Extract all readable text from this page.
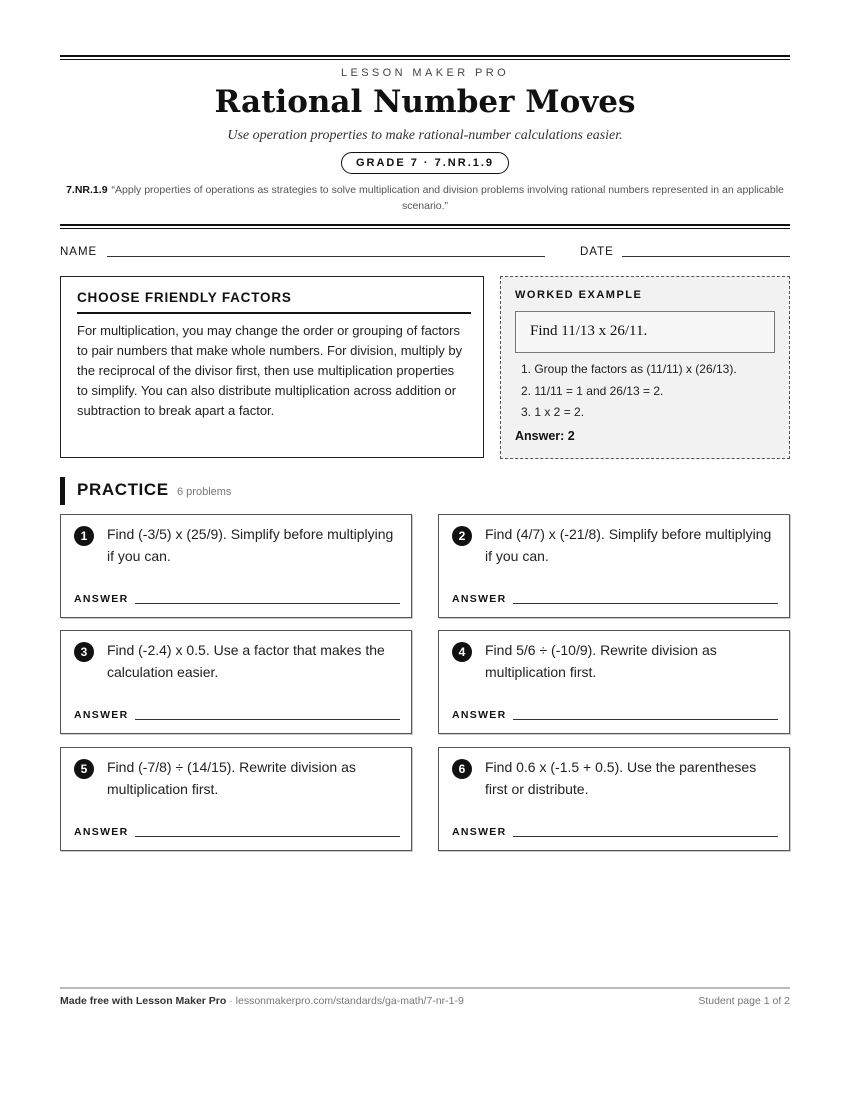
LESSON MAKER PRO
Rational Number Moves
Use operation properties to make rational-number calculations easier.
GRADE 7 · 7.NR.1.9
7.NR.1.9 “Apply properties of operations as strategies to solve multiplication and division problems involving rational numbers represented in an applicable scenario.”
NAME	DATE
CHOOSE FRIENDLY FACTORS

For multiplication, you may change the order or grouping of factors to pair numbers that make whole numbers. For division, multiply by the reciprocal of the divisor first, then use multiplication properties to simplify. You can also distribute multiplication across addition or subtraction to break apart a factor.

WORKED EXAMPLE
Find 11/13 x 26/11.
1. Group the factors as (11/11) x (26/13).
2. 11/11 = 1 and 26/13 = 2.
3. 1 x 2 = 2.
Answer: 2
PRACTICE 6 problems
1	Find (-3/5) x (25/9). Simplify before multiplying if you can.
ANSWER
2	Find (4/7) x (-21/8). Simplify before multiplying if you can.
ANSWER
3	Find (-2.4) x 0.5. Use a factor that makes the calculation easier.
ANSWER
4	Find 5/6 ÷ (-10/9). Rewrite division as multiplication first.
ANSWER
5	Find (-7/8) ÷ (14/15). Rewrite division as multiplication first.
ANSWER
6	Find 0.6 x (-1.5 + 0.5). Use the parentheses first or distribute.
ANSWER
Made free with Lesson Maker Pro · lessonmakerpro.com/standards/ga-math/7-nr-1-9	Student page 1 of 2
